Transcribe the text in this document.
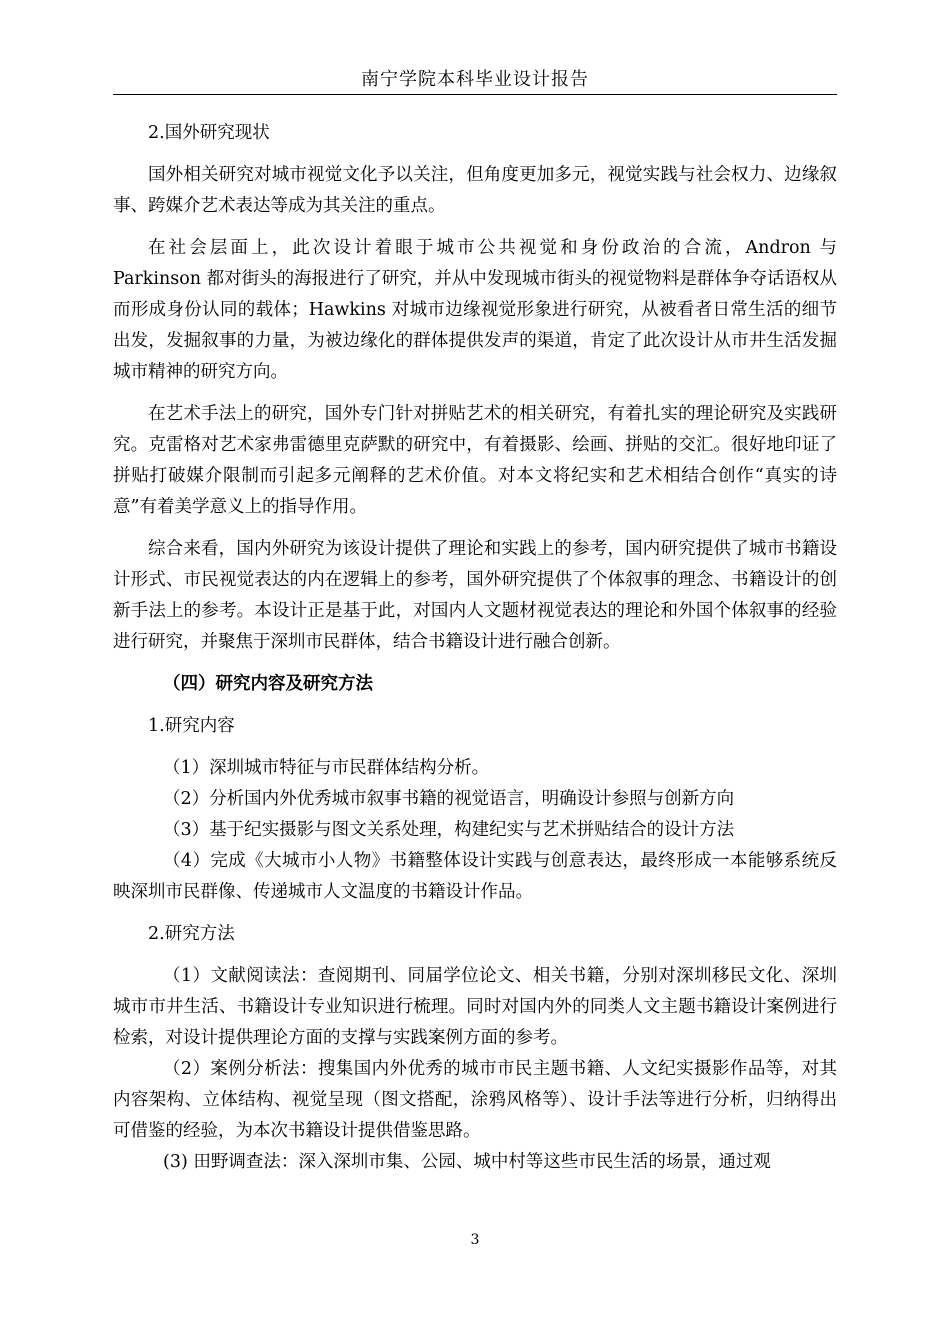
南宁学院本科毕业设计报告

2.国外研究现状

国外相关研究对城市视觉文化予以关注，但角度更加多元，视觉实践与社会权力、边缘叙事、跨媒介艺术表达等成为其关注的重点。

在社会层面上，此次设计着眼于城市公共视觉和身份政治的合流，Andron 与 Parkinson 都对街头的海报进行了研究，并从中发现城市街头的视觉物料是群体争夺话语权从而形成身份认同的载体；Hawkins 对城市边缘视觉形象进行研究，从被看者日常生活的细节出发，发掘叙事的力量，为被边缘化的群体提供发声的渠道，肯定了此次设计从市井生活发掘城市精神的研究方向。

在艺术手法上的研究，国外专门针对拼贴艺术的相关研究，有着扎实的理论研究及实践研究。克雷格对艺术家弗雷德里克萨默的研究中，有着摄影、绘画、拼贴的交汇。很好地印证了拼贴打破媒介限制而引起多元阐释的艺术价值。对本文将纪实和艺术相结合创作“真实的诗意”有着美学意义上的指导作用。

综合来看，国内外研究为该设计提供了理论和实践上的参考，国内研究提供了城市书籍设计形式、市民视觉表达的内在逻辑上的参考，国外研究提供了个体叙事的理念、书籍设计的创新手法上的参考。本设计正是基于此，对国内人文题材视觉表达的理论和外国个体叙事的经验进行研究，并聚焦于深圳市民群体，结合书籍设计进行融合创新。

（四）研究内容及研究方法

1.研究内容

（1）深圳城市特征与市民群体结构分析。

（2）分析国内外优秀城市叙事书籍的视觉语言，明确设计参照与创新方向

（3）基于纪实摄影与图文关系处理，构建纪实与艺术拼贴结合的设计方法

（4）完成《大城市小人物》书籍整体设计实践与创意表达，最终形成一本能够系统反映深圳市民群像、传递城市人文温度的书籍设计作品。

2.研究方法

（1）文献阅读法：查阅期刊、同届学位论文、相关书籍，分别对深圳移民文化、深圳城市市井生活、书籍设计专业知识进行梳理。同时对国内外的同类人文主题书籍设计案例进行检索，对设计提供理论方面的支撑与实践案例方面的参考。

（2）案例分析法：搜集国内外优秀的城市市民主题书籍、人文纪实摄影作品等，对其内容架构、立体结构、视觉呈现（图文搭配，涂鸦风格等）、设计手法等进行分析，归纳得出可借鉴的经验，为本次书籍设计提供借鉴思路。

(3) 田野调查法：深入深圳市集、公园、城中村等这些市民生活的场景，通过观

3
